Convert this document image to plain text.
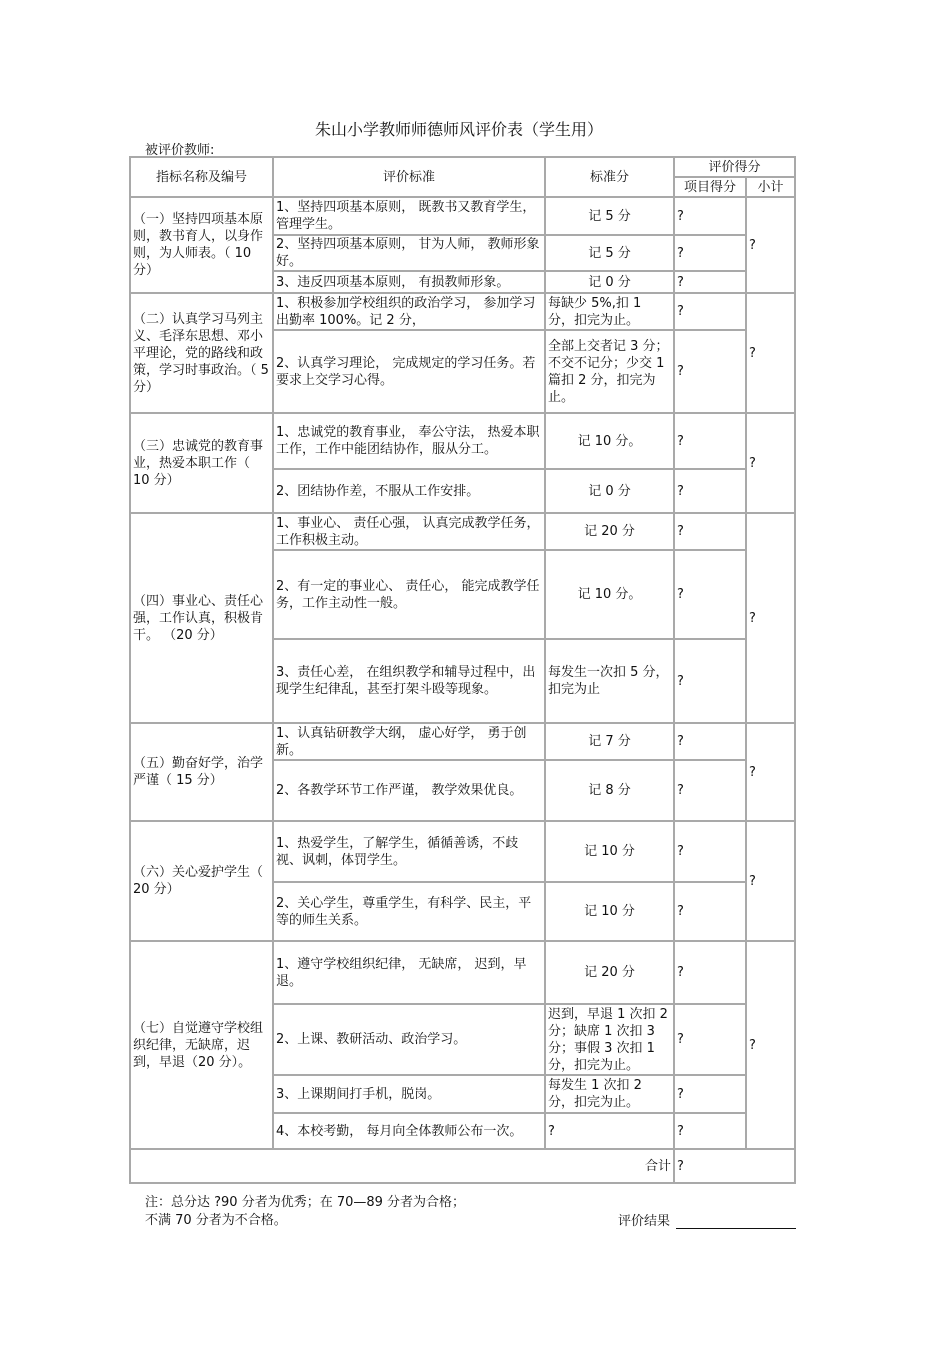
朱山小学教师师德师风评价表（学生用）
被评价教师:
指标名称及编号	评价标准	标准分	评价得分	
			项目得分	小计
（一）坚持四项基本原则，教书育人，以身作则，为人师表。（ 10 分）	1、坚持四项基本原则， 既教书又教育学生，管理学生。	记 5 分	?	?
	2、坚持四项基本原则， 甘为人师， 教师形象好。	记 5 分	?	
	3、违反四项基本原则， 有损教师形象。	记 0 分	?	
（二）认真学习马列主义、毛泽东思想、邓小平理论，党的路线和政策，学习时事政治。（ 5 分）	1、积极参加学校组织的政治学习， 参加学习出勤率 100%。记 2 分，	每缺少 5%,扣 1 分，扣完为止。	?	?
	2、认真学习理论， 完成规定的学习任务。若要求上交学习心得。	全部上交者记 3 分；不交不记分；少交 1 篇扣 2 分，扣完为止。	?	
（三）忠诚党的教育事业，热爱本职工作（ 10 分）	1、忠诚党的教育事业， 奉公守法， 热爱本职工作，工作中能团结协作，服从分工。	记 10 分。	?	?
	2、团结协作差，不服从工作安排。	记 0 分	?	
（四）事业心、责任心强，工作认真，积极肯干。 （20 分）	1、事业心、 责任心强， 认真完成教学任务，工作积极主动。	记 20 分	?	?
	2、有一定的事业心、 责任心， 能完成教学任务，工作主动性一般。	记 10 分。	?	
	3、责任心差， 在组织教学和辅导过程中，出现学生纪律乱，甚至打架斗殴等现象。	每发生一次扣 5 分，扣完为止	?	
（五）勤奋好学，治学严谨（ 15 分）	1、认真钻研教学大纲， 虚心好学， 勇于创新。	记 7 分	?	?
	2、各教学环节工作严谨， 教学效果优良。	记 8 分	?	
（六）关心爱护学生（ 20 分）	1、热爱学生，了解学生，循循善诱，不歧视、讽刺，体罚学生。	记 10 分	?	?
	2、关心学生，尊重学生，有科学、民主，平等的师生关系。	记 10 分	?	
（七）自觉遵守学校组织纪律，无缺席，迟到，早退（20 分）。	1、遵守学校组织纪律， 无缺席， 迟到，早退。	记 20 分	?	?
	2、上课、教研活动、政治学习。	迟到，早退 1 次扣 2 分；缺席 1 次扣 3 分；事假 3 次扣 1 分，扣完为止。	?	
	3、上课期间打手机，脱岗。	每发生 1 次扣 2 分，扣完为止。	?	
	4、本校考勤， 每月向全体教师公布一次。	?	?	
合计			?	
注：总分达 ?90 分者为优秀；在 70—89 分者为合格；
不满 70 分者为不合格。	评价结果
